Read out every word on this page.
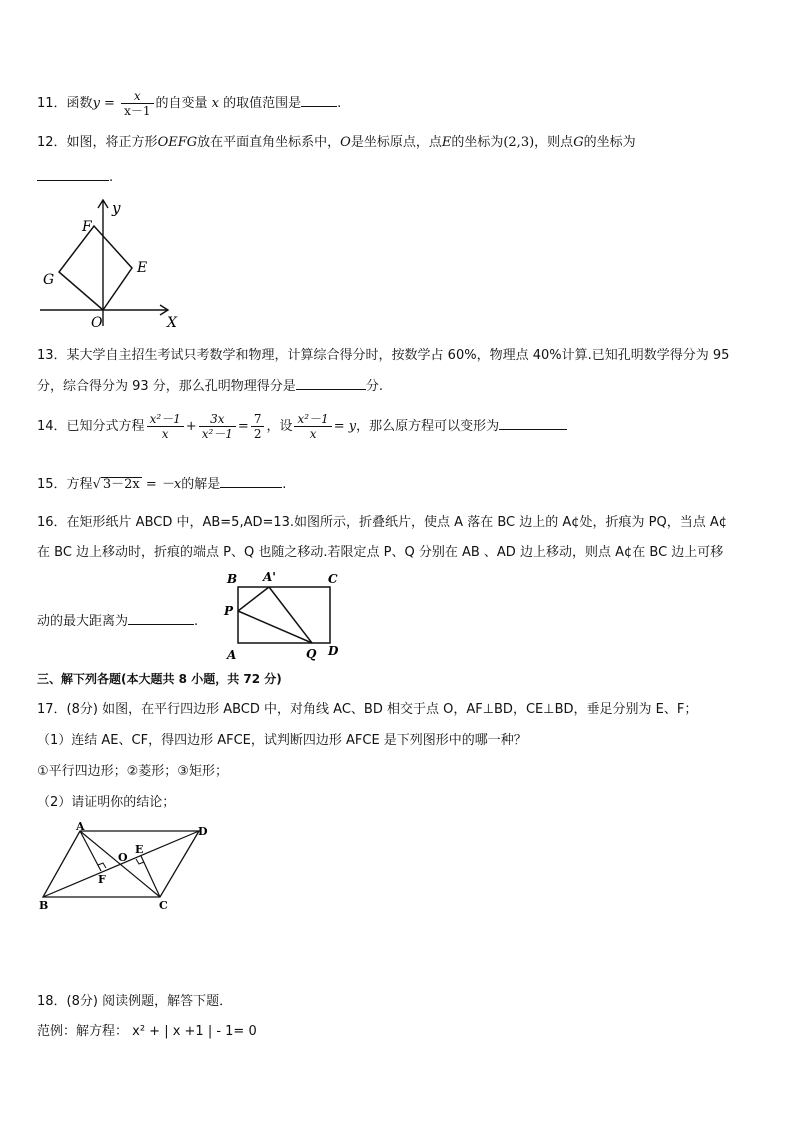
11．函数$y = \frac{x}{x-1}$ 的自变量 x 的取值范围是	.
12．如图，将正方形OEFG放在平面直角坐标系中，O是坐标原点，点E的坐标为(2,3)，则点G的坐标为
.
y
F
E
G
O	X
13．某大学自主招生考试只考数学和物理，计算综合得分时，按数学占 60%，物理点 40%计算.已知孔明数学得分为 95
分，综合得分为 93 分，那么孔明物理得分是	分.
14．已知分式方程 $\frac{\text{x²－1}}{x} + \frac{3x}{\text{x²－1}} = \frac{7}{2}$ ，设 $\frac{\text{x²－1}}{x} = y$，那么原方程可以变形为
15．方程√ 3－2x = －x的解是	.
16．在矩形纸片 ABCD 中，AB=5,AD=13.如图所示，折叠纸片，使点 A 落在 BC 边上的 A¢处，折痕为 PQ，当点 A¢
在 BC 边上移动时，折痕的端点 P、Q 也随之移动.若限定点 P、Q 分别在 AB 、AD 边上移动，则点 A¢在 BC 边上可移
动的最大距离为	.
B A'	C
P
A	Q D
三、解下列各题(本大题共 8 小题，共 72 分)
17．(8分) 如图，在平行四边形 ABCD 中，对角线 AC、BD 相交于点 O，AF⊥BD，CE⊥BD，垂足分别为 E、F；
（1）连结 AE、CF，得四边形 AFCE，试判断四边形 AFCE 是下列图形中的哪一种？
①平行四边形；②菱形；③矩形；
（2）请证明你的结论；
A	D
E
O
F
B	C
18．(8分) 阅读例题，解答下题．
范例：解方程： x² + | x +1 | - 1= 0
